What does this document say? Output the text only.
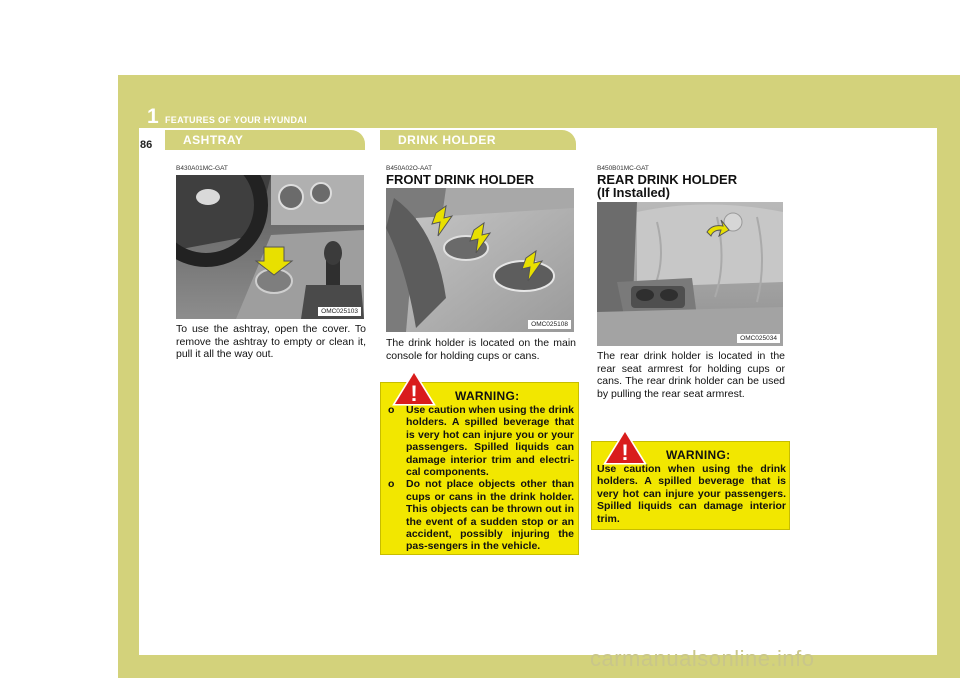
1 FEATURES OF YOUR HYUNDAI
86	ASHTRAY
B430A01MC-GAT
OMC025103
To use the ashtray, open the cover. To remove the ashtray to empty or clean it, pull it all the way out.
DRINK HOLDER
B450A02O-AAT
FRONT DRINK HOLDER
OMC025108
The drink holder is located on the main console for holding cups or cans.
!	WARNING:
o Use caution when using the drink holders. A spilled beverage that is very hot can injure you or your passengers. Spilled liquids can damage interior trim and electri-cal components.
o Do not place objects other than cups or cans in the drink holder. This objects can be thrown out in the event of a sudden stop or an accident, possibly injuring the pas-sengers in the vehicle.
B450B01MC-GAT
REAR DRINK HOLDER
(If Installed)
OMC025034
The rear drink holder is located in the rear seat armrest for holding cups or cans. The rear drink holder can be used by pulling the rear seat armrest.
!	WARNING:
Use caution when using the drink holders. A spilled beverage that is very hot can injure your passengers. Spilled liquids can damage interior trim.
carmanualsonline.info
